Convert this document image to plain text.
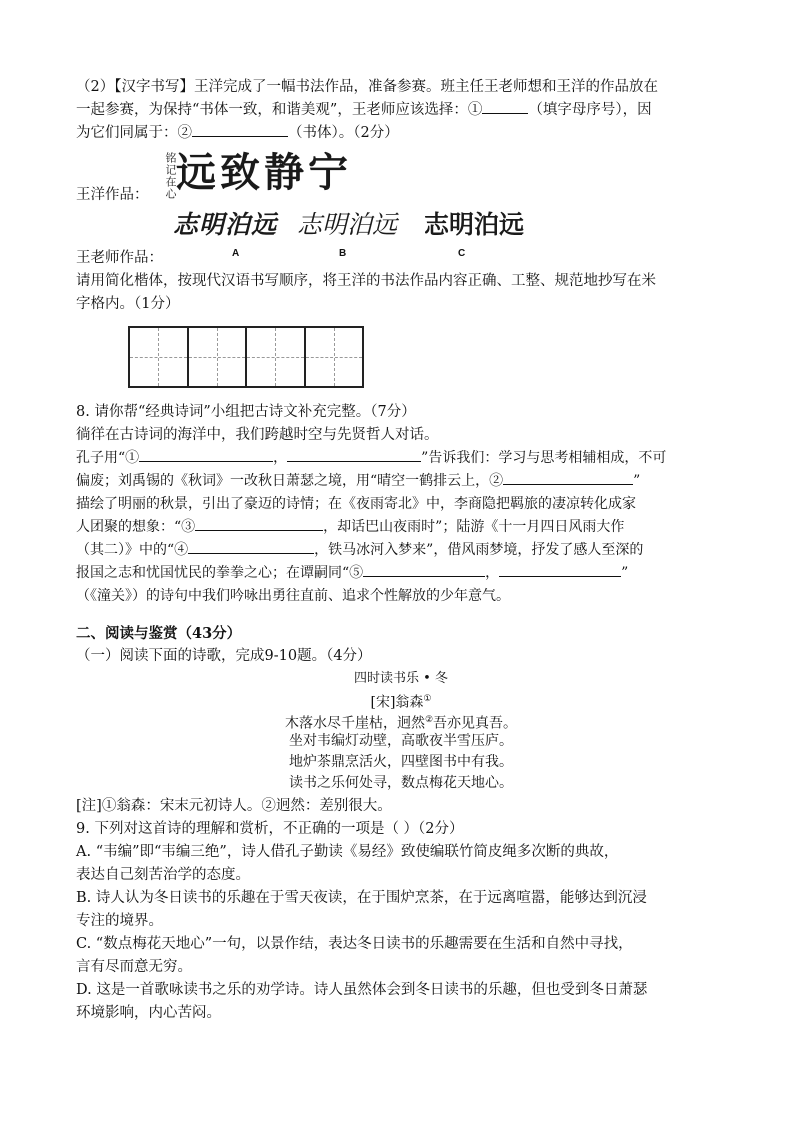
（2）【汉字书写】王洋完成了一幅书法作品，准备参赛。班主任王老师想和王洋的作品放在
一起参赛，为保持“书体一致，和谐美观”，王老师应该选择：①	（填字母序号），因
为它们同属于：②	（书体）。（2分）
铭记在心 远致静宁
王洋作品：
志明泊远 志明泊远 志明泊远
A	B	C
王老师作品：
请用简化楷体，按现代汉语书写顺序，将王洋的书法作品内容正确、工整、规范地抄写在米
字格内。（1分）
8. 请你帮“经典诗词”小组把古诗文补充完整。（7分）
徜徉在古诗词的海洋中，我们跨越时空与先贤哲人对话。
孔子用“①	，	”告诉我们：学习与思考相辅相成，不可
偏废；刘禹锡的《秋词》一改秋日萧瑟之境，用“晴空一鹤排云上，②	”
描绘了明丽的秋景，引出了豪迈的诗情；在《夜雨寄北》中，李商隐把羁旅的凄凉转化成家
人团聚的想象：“③	，却话巴山夜雨时”；陆游《十一月四日风雨大作
（其二）》中的“④	，铁马冰河入梦来”，借风雨梦境，抒发了感人至深的
报国之志和忧国忧民的拳拳之心；在谭嗣同“⑤	，	”
（《潼关》）的诗句中我们吟咏出勇往直前、追求个性解放的少年意气。
二、阅读与鉴赏（43分）
（一）阅读下面的诗歌，完成9-10题。（4分）
四时读书乐 • 冬
[宋]翁森①
木落水尽千崖枯，迥然②吾亦见真吾。
坐对韦编灯动壁，高歌夜半雪压庐。
地炉茶鼎烹活火，四壁图书中有我。
读书之乐何处寻，数点梅花天地心。
[注]①翁森：宋末元初诗人。②迥然：差别很大。
9. 下列对这首诗的理解和赏析，不正确的一项是（ ）（2分）
A. “韦编”即“韦编三绝”，诗人借孔子勤读《易经》致使编联竹简皮绳多次断的典故，
表达自己刻苦治学的态度。
B. 诗人认为冬日读书的乐趣在于雪天夜读，在于围炉烹茶，在于远离喧嚣，能够达到沉浸
专注的境界。
C. “数点梅花天地心”一句，以景作结，表达冬日读书的乐趣需要在生活和自然中寻找，
言有尽而意无穷。
D. 这是一首歌咏读书之乐的劝学诗。诗人虽然体会到冬日读书的乐趣，但也受到冬日萧瑟
环境影响，内心苦闷。
